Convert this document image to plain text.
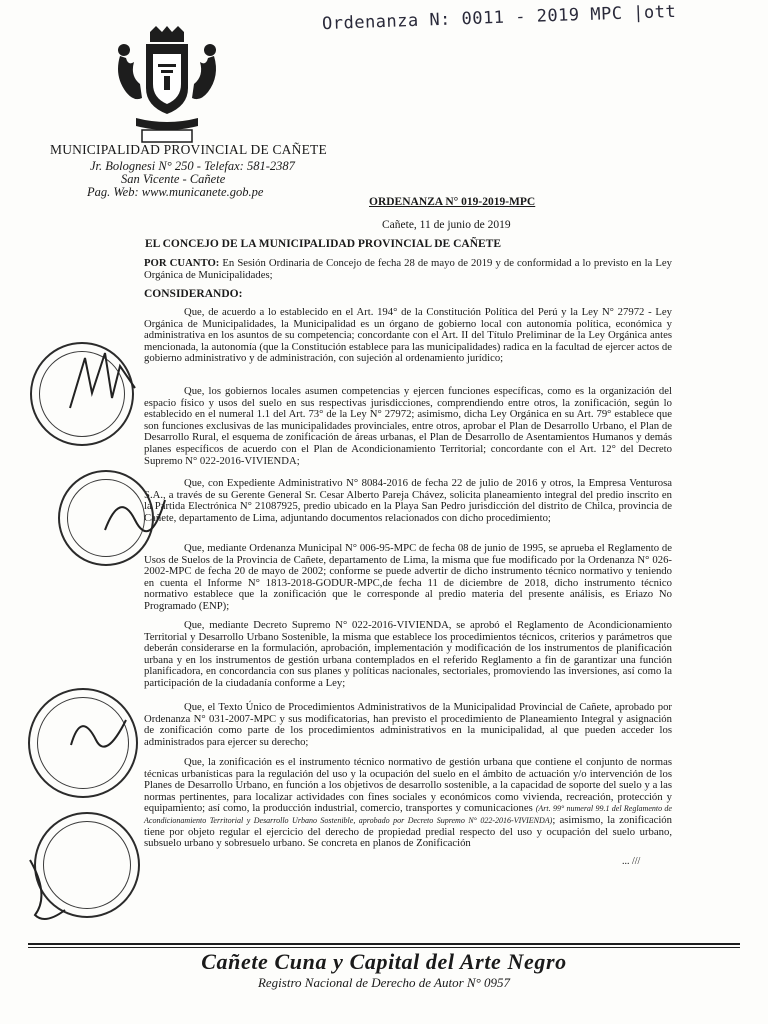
Ordenanza N: 0011 - 2019 MPC |ott
MUNICIPALIDAD PROVINCIAL DE CAÑETE
Jr. Bolognesi N° 250 - Telefax: 581-2387
San Vicente - Cañete
Pag. Web: www.municanete.gob.pe
ORDENANZA N° 019-2019-MPC
Cañete, 11 de junio de 2019
EL CONCEJO DE LA MUNICIPALIDAD PROVINCIAL DE CAÑETE

POR CUANTO: En Sesión Ordinaria de Concejo de fecha 28 de mayo de 2019 y de conformidad a lo previsto en la Ley Orgánica de Municipalidades;

CONSIDERANDO:

Que, de acuerdo a lo establecido en el Art. 194° de la Constitución Política del Perú y la Ley N° 27972 - Ley Orgánica de Municipalidades, la Municipalidad es un órgano de gobierno local con autonomía política, económica y administrativa en los asuntos de su competencia; concordante con el Art. II del Título Preliminar de la Ley Orgánica antes mencionada, la autonomía (que la Constitución establece para las municipalidades) radica en la facultad de ejercer actos de gobierno administrativo y de administración, con sujeción al ordenamiento jurídico;

Que, los gobiernos locales asumen competencias y ejercen funciones específicas, como es la organización del espacio físico y usos del suelo en sus respectivas jurisdicciones, comprendiendo entre otros, la zonificación, según lo establecido en el numeral 1.1 del Art. 73° de la Ley N° 27972; asimismo, dicha Ley Orgánica en su Art. 79° establece que son funciones exclusivas de las municipalidades provinciales, entre otros, aprobar el Plan de Desarrollo Urbano, el Plan de Desarrollo Rural, el esquema de zonificación de áreas urbanas, el Plan de Desarrollo de Asentamientos Humanos y demás planes específicos de acuerdo con el Plan de Acondicionamiento Territorial; concordante con el Art. 12° del Decreto Supremo N° 022-2016-VIVIENDA;

Que, con Expediente Administrativo N° 8084-2016 de fecha 22 de julio de 2016 y otros, la Empresa Venturosa S.A., a través de su Gerente General Sr. Cesar Alberto Pareja Chávez, solicita planeamiento integral del predio inscrito en la Partida Electrónica N° 21087925, predio ubicado en la Playa San Pedro jurisdicción del distrito de Chilca, provincia de Cañete, departamento de Lima, adjuntando documentos relacionados con dicho procedimiento;

Que, mediante Ordenanza Municipal N° 006-95-MPC de fecha 08 de junio de 1995, se aprueba el Reglamento de Usos de Suelos de la Provincia de Cañete, departamento de Lima, la misma que fue modificado por la Ordenanza N° 026-2002-MPC de fecha 20 de mayo de 2002; conforme se puede advertir de dicho instrumento técnico normativo y teniendo en cuenta el Informe N° 1813-2018-GODUR-MPC,de fecha 11 de diciembre de 2018, dicho instrumento técnico normativo establece que la zonificación que le corresponde al predio materia del presente análisis, es Eriazo No Programado (ENP);

Que, mediante Decreto Supremo N° 022-2016-VIVIENDA, se aprobó el Reglamento de Acondicionamiento Territorial y Desarrollo Urbano Sostenible, la misma que establece los procedimientos técnicos, criterios y parámetros que deberán considerarse en la formulación, aprobación, implementación y modificación de los instrumentos de planificación urbana y en los instrumentos de gestión urbana contemplados en el referido Reglamento a fin de garantizar una función planificadora, en concordancia con sus planes y políticas nacionales, sectoriales, promoviendo las inversiones, así como la participación de la ciudadanía conforme a Ley;

Que, el Texto Único de Procedimientos Administrativos de la Municipalidad Provincial de Cañete, aprobado por Ordenanza N° 031-2007-MPC y sus modificatorias, han previsto el procedimiento de Planeamiento Integral y asignación de zonificación como parte de los procedimientos administrativos en la municipalidad, al que pueden acceder los administrados para ejercer su derecho;

Que, la zonificación es el instrumento técnico normativo de gestión urbana que contiene el conjunto de normas técnicas urbanísticas para la regulación del uso y la ocupación del suelo en el ámbito de actuación y/o intervención de los Planes de Desarrollo Urbano, en función a los objetivos de desarrollo sostenible, a la capacidad de soporte del suelo y a las normas pertinentes, para localizar actividades con fines sociales y económicos como vivienda, recreación, protección y equipamiento; así como, la producción industrial, comercio, transportes y comunicaciones (Art. 99° numeral 99.1 del Reglamento de Acondicionamiento Territorial y Desarrollo Urbano Sostenible, aprobado por Decreto Supremo N° 022-2016-VIVIENDA); asimismo, la zonificación tiene por objeto regular el ejercicio del derecho de propiedad predial respecto del uso y ocupación del suelo urbano, subsuelo urbano y sobresuelo urbano. Se concreta en planos de Zonificación

... ///
Cañete Cuna y Capital del Arte Negro
Registro Nacional de Derecho de Autor N° 0957
